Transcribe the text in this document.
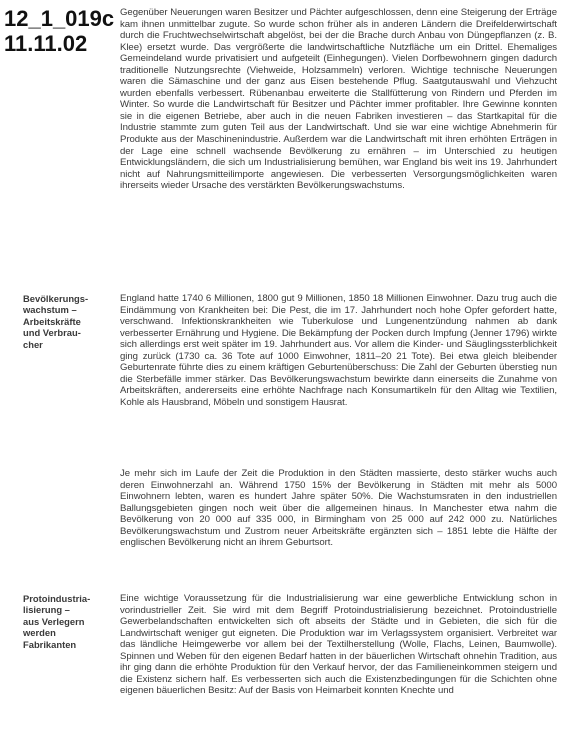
12_1_019c
11.11.02

Gegenüber Neuerungen waren Besitzer und Pächter aufgeschlossen, denn eine Steigerung der Erträge kam ihnen unmittelbar zugute. So wurde schon früher als in anderen Ländern die Dreifelderwirtschaft durch die Fruchtwechselwirtschaft abgelöst, bei der die Brache durch Anbau von Düngepflanzen (z. B. Klee) ersetzt wurde. Das vergrößerte die landwirtschaftliche Nutzfläche um ein Drittel. Ehemaliges Gemeindeland wurde privatisiert und aufgeteilt (Einhegungen). Vielen Dorfbewohnern gingen dadurch traditionelle Nutzungsrechte (Viehweide, Holzsammeln) verloren. Wichtige technische Neuerungen waren die Sämaschine und der ganz aus Eisen bestehende Pflug. Saatgutauswahl und Viehzucht wurden ebenfalls verbessert. Rübenanbau erweiterte die Stallfütterung von Rindern und Pferden im Winter. So wurde die Landwirtschaft für Besitzer und Pächter immer profitabler. Ihre Gewinne konnten sie in die eigenen Betriebe, aber auch in die neuen Fabriken investieren – das Startkapital für die Industrie stammte zum guten Teil aus der Landwirtschaft. Und sie war eine wichtige Abnehmerin für Produkte aus der Maschinenindustrie. Außerdem war die Landwirtschaft mit ihren erhöhten Erträgen in der Lage eine schnell wachsende Bevölkerung zu ernähren – im Unterschied zu heutigen Entwicklungsländern, die sich um Industrialisierung bemühen, war England bis weit ins 19. Jahrhundert nicht auf Nahrungsmitteilimporte angewiesen. Die verbesserten Versorgungsmöglichkeiten waren ihrerseits wieder Ursache des verstärkten Bevölkerungswachstums.

Bevölkerungs-
wachstum –
Arbeitskräfte
und Verbrau-
cher

England hatte 1740 6 Millionen, 1800 gut 9 Millionen, 1850 18 Millionen Einwohner. Dazu trug auch die Eindämmung von Krankheiten bei: Die Pest, die im 17. Jahrhundert noch hohe Opfer gefordert hatte, verschwand. Infektionskrankheiten wie Tuberkulose und Lungenentzündung nahmen ab dank verbesserter Ernährung und Hygiene. Die Bekämpfung der Pocken durch Impfung (Jenner 1796) wirkte sich allerdings erst weit später im 19. Jahrhundert aus. Vor allem die Kinder- und Säuglingssterblichkeit ging zurück (1730 ca. 36 Tote auf 1000 Einwohner, 1811–20 21 Tote). Bei etwa gleich bleibender Geburtenrate führte dies zu einem kräftigen Geburtenüberschuss: Die Zahl der Geburten überstieg nun die Sterbefälle immer stärker. Das Bevölkerungswachstum bewirkte dann einerseits die Zunahme von Arbeitskräften, andererseits eine erhöhte Nachfrage nach Konsumartikeln für den Alltag wie Textilien, Kohle als Hausbrand, Möbeln und sonstigem Hausrat.

Je mehr sich im Laufe der Zeit die Produktion in den Städten massierte, desto stärker wuchs auch deren Einwohnerzahl an. Während 1750 15% der Bevölkerung in Städten mit mehr als 5000 Einwohnern lebten, waren es hundert Jahre später 50%. Die Wachstumsraten in den industriellen Ballungsgebieten gingen noch weit über die allgemeinen hinaus. In Manchester etwa nahm die Bevölkerung von 20 000 auf 335 000, in Birmingham von 25 000 auf 242 000 zu. Natürliches Bevölkerungswachstum und Zustrom neuer Arbeitskräfte ergänzten sich – 1851 lebte die Hälfte der englischen Bevölkerung nicht an ihrem Geburtsort.

Protoindustria-
lisierung –
aus Verlegern
werden
Fabrikanten

Eine wichtige Voraussetzung für die Industrialisierung war eine gewerbliche Entwicklung schon in vorindustrieller Zeit. Sie wird mit dem Begriff Protoindustrialisierung bezeichnet. Protoindustrielle Gewerbelandschaften entwickelten sich oft abseits der Städte und in Gebieten, die sich für die Landwirtschaft weniger gut eigneten. Die Produktion war im Verlagssystem organisiert. Verbreitet war das ländliche Heimgewerbe vor allem bei der Textilherstellung (Wolle, Flachs, Leinen, Baumwolle). Spinnen und Weben für den eigenen Bedarf hatten in der bäuerlichen Wirtschaft ohnehin Tradition, aus ihr ging dann die erhöhte Produktion für den Verkauf hervor, der das Familieneinkommen steigern und die Existenz sichern half. Es verbesserten sich auch die Existenzbedingungen für die Schichten ohne eigenen bäuerlichen Besitz: Auf der Basis von Heimarbeit konnten Knechte und
